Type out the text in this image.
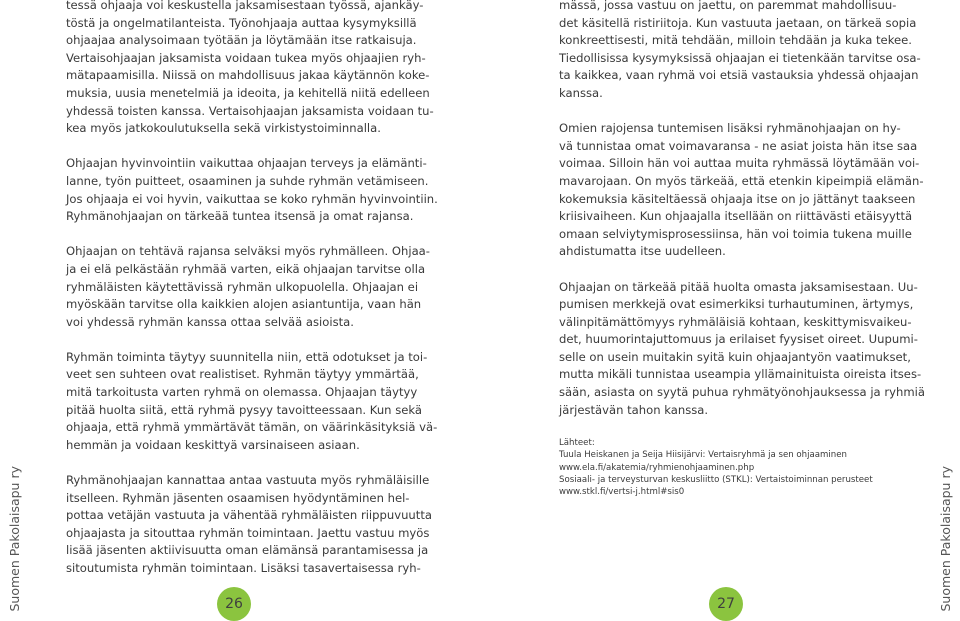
tessä ohjaaja voi keskustella jaksamisestaan työssä, ajankäy-
töstä ja ongelmatilanteista. Työnohjaaja auttaa kysymyksillä
ohjaajaa analysoimaan työtään ja löytämään itse ratkaisuja.
Vertaisohjaajan jaksamista voidaan tukea myös ohjaajien ryh-
mätapaamisilla. Niissä on mahdollisuus jakaa käytännön koke-
muksia, uusia menetelmiä ja ideoita, ja kehitellä niitä edelleen
yhdessä toisten kanssa. Vertaisohjaajan jaksamista voidaan tu-
kea myös jatkokoulutuksella sekä virkistystoiminnalla.

Ohjaajan hyvinvointiin vaikuttaa ohjaajan terveys ja elämänti-
lanne, työn puitteet, osaaminen ja suhde ryhmän vetämiseen.
Jos ohjaaja ei voi hyvin, vaikuttaa se koko ryhmän hyvinvointiin.
Ryhmänohjaajan on tärkeää tuntea itsensä ja omat rajansa.

Ohjaajan on tehtävä rajansa selväksi myös ryhmälleen. Ohjaa-
ja ei elä pelkästään ryhmää varten, eikä ohjaajan tarvitse olla
ryhmäläisten käytettävissä ryhmän ulkopuolella. Ohjaajan ei
myöskään tarvitse olla kaikkien alojen asiantuntija, vaan hän
voi yhdessä ryhmän kanssa ottaa selvää asioista.

Ryhmän toiminta täytyy suunnitella niin, että odotukset ja toi-
veet sen suhteen ovat realistiset. Ryhmän täytyy ymmärtää,
mitä tarkoitusta varten ryhmä on olemassa. Ohjaajan täytyy
pitää huolta siitä, että ryhmä pysyy tavoitteessaan. Kun sekä
ohjaaja, että ryhmä ymmärtävät tämän, on väärinkäsityksiä vä-
hemmän ja voidaan keskittyä varsinaiseen asiaan.

Ryhmänohjaajan kannattaa antaa vastuuta myös ryhmäläisille
itselleen. Ryhmän jäsenten osaamisen hyödyntäminen hel-
pottaa vetäjän vastuuta ja vähentää ryhmäläisten riippuvuutta
ohjaajasta ja sitouttaa ryhmän toimintaan. Jaettu vastuu myös
lisää jäsenten aktiivisuutta oman elämänsä parantamisessa ja
sitoutumista ryhmän toimintaan. Lisäksi tasavertaisessa ryh-

Suomen Pakolaisapu ry	26

mässä, jossa vastuu on jaettu, on paremmat mahdollisuu-
det käsitellä ristiriitoja. Kun vastuuta jaetaan, on tärkeä sopia
konkreettisesti, mitä tehdään, milloin tehdään ja kuka tekee.
Tiedollisissa kysymyksissä ohjaajan ei tietenkään tarvitse osa-
ta kaikkea, vaan ryhmä voi etsiä vastauksia yhdessä ohjaajan
kanssa.

Omien rajojensa tuntemisen lisäksi ryhmänohjaajan on hy-
vä tunnistaa omat voimavaransa - ne asiat joista hän itse saa
voimaa. Silloin hän voi auttaa muita ryhmässä löytämään voi-
mavarojaan. On myös tärkeää, että etenkin kipeimpiä elämän-
kokemuksia käsiteltäessä ohjaaja itse on jo jättänyt taakseen
kriisivaiheen. Kun ohjaajalla itsellään on riittävästi etäisyyttä
omaan selviytymisprosessiinsa, hän voi toimia tukena muille
ahdistumatta itse uudelleen.

Ohjaajan on tärkeää pitää huolta omasta jaksamisestaan. Uu-
pumisen merkkejä ovat esimerkiksi turhautuminen, ärtymys,
välinpitämättömyys ryhmäläisiä kohtaan, keskittymisvaikeu-
det, huumorintajuttomuus ja erilaiset fyysiset oireet. Uupumi-
selle on usein muitakin syitä kuin ohjaajantyön vaatimukset,
mutta mikäli tunnistaa useampia yllämainituista oireista itses-
sään, asiasta on syytä puhua ryhmätyönohjauksessa ja ryhmiä
järjestävän tahon kanssa.

Lähteet:
Tuula Heiskanen ja Seija Hiisijärvi: Vertaisryhmä ja sen ohjaaminen
www.ela.fi/akatemia/ryhmienohjaaminen.php
Sosiaali- ja terveysturvan keskusliitto (STKL): Vertaistoiminnan perusteet
www.stkl.fi/vertsi-j.html#sis0	Suomen Pakolaisapu ry
27
